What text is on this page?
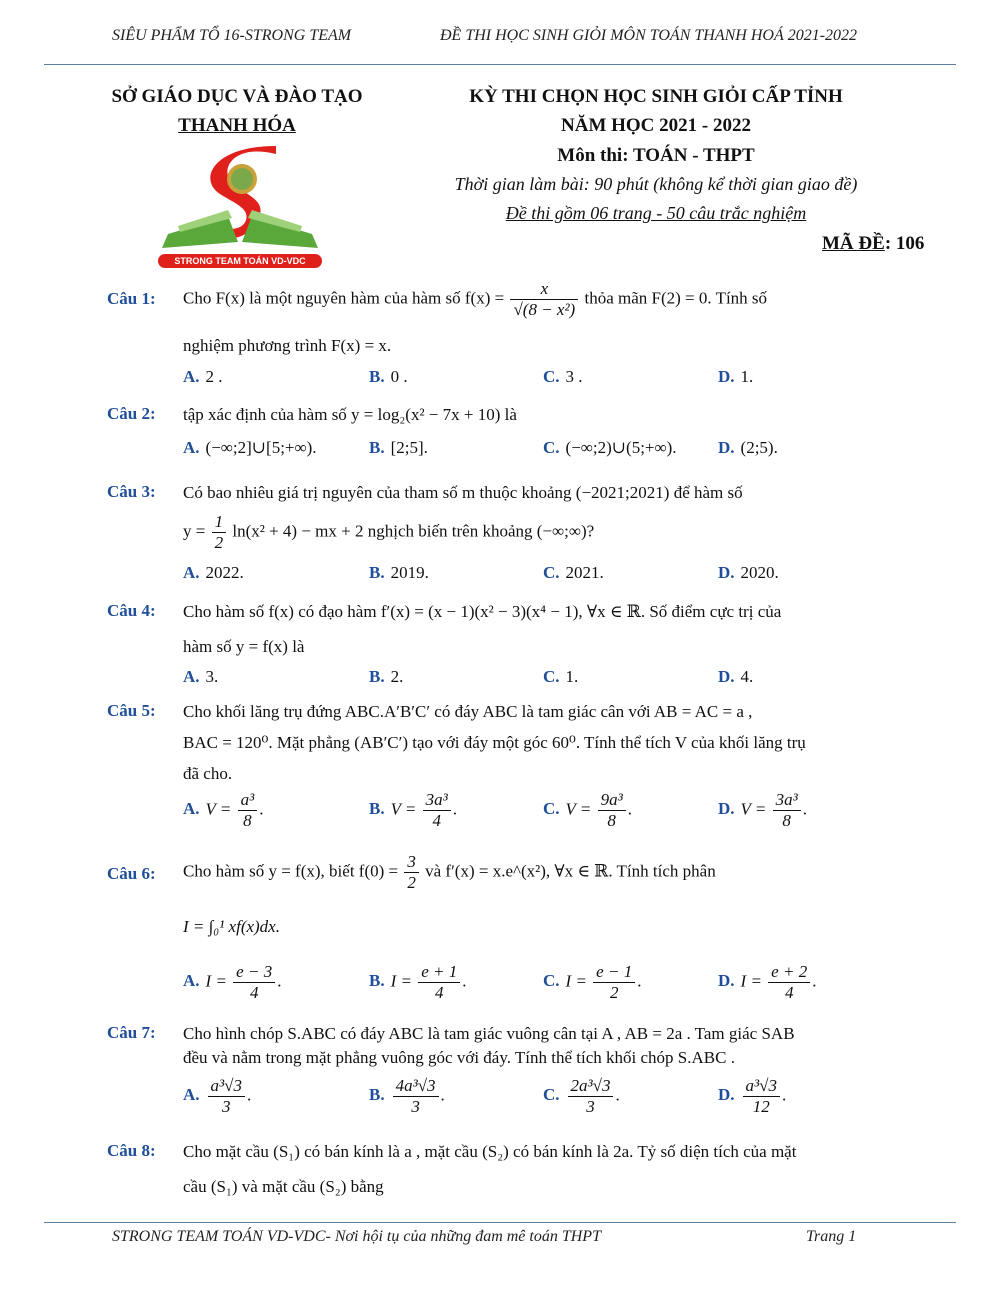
SIÊU PHẨM TỔ 16-STRONG TEAM	ĐỀ THI HỌC SINH GIỎI MÔN TOÁN THANH HOÁ 2021-2022
SỞ GIÁO DỤC VÀ ĐÀO TẠO
THANH HÓA
STRONG TEAM TOÁN VD-VDC
KỲ THI CHỌN HỌC SINH GIỎI CẤP TỈNH
NĂM HỌC 2021 - 2022
Môn thi: TOÁN - THPT
Thời gian làm bài: 90 phút (không kể thời gian giao đề)
Đề thi gồm 06 trang - 50 câu trắc nghiệm
MÃ ĐỀ: 106
Câu 1: Cho F(x) là một nguyên hàm của hàm số $f(x) = \frac{x}{\text{√(8 − x²)}}$ thỏa mãn F(2) = 0. Tính số
nghiệm phương trình F(x) = x.
A. 2 .	B. 0 .	C. 3 .	D. 1.
Câu 2: tập xác định của hàm số y = log₂(x² − 7x + 10) là
A. (−∞;2]∪[5;+∞).	B. [2;5].	C. (−∞;2)∪(5;+∞). D. (2;5).
Câu 3: Có bao nhiêu giá trị nguyên của tham số m thuộc khoảng (−2021;2021) để hàm số
$y = \frac{1}{2} \ln(x^2 + 4)$ − mx + 2 nghịch biến trên khoảng (−∞;∞)?
A. 2022.	B. 2019.	C. 2021.	D. 2020.
Câu 4: Cho hàm số f(x) có đạo hàm f′(x) = (x − 1)(x² − 3)(x⁴ − 1), ∀x ∈ ℝ. Số điểm cực trị của
hàm số y = f(x) là
A. 3.	B. 2.	C. 1.	D. 4.
Câu 5: Cho khối lăng trụ đứng ABC.A′B′C′ có đáy ABC là tam giác cân với AB = AC = a ,
BAC = 120⁰. Mặt phẳng (AB′C′) tạo với đáy một góc 60⁰. Tính thể tích V của khối lăng trụ
đã cho.
A. $V = \frac{\text{a³}}{8}$ .	B. $V = \frac{\text{3a³}}{4}$ .	C. $V = \frac{\text{9a³}}{8}$ .	D. $V = \frac{\text{3a³}}{8}$ .
Câu 6: Cho hàm số y = f(x), biết $f(0) = \frac{3}{2}$ và f′(x) = x.e^(x²), ∀x ∈ ℝ. Tính tích phân
I = ∫₀¹ xf(x)dx.
A. $I = \frac{e - 3}{4}$ .	B. $I = \frac{e + 1}{4}$ .	C. $I = \frac{e - 1}{2}$ .	D. $I = \frac{e + 2}{4}$ .
Câu 7: Cho hình chóp S.ABC có đáy ABC là tam giác vuông cân tại A , AB = 2a . Tam giác SAB
đều và nằm trong mặt phẳng vuông góc với đáy. Tính thể tích khối chóp S.ABC .
A. $\frac{\text{a³√3}}{3}$ .	B. $\frac{\text{4a³√3}}{3}$ .	C. $\frac{\text{2a³√3}}{3}$ .	D. $\frac{\text{a³√3}}{12}$ .
Câu 8: Cho mặt cầu (S₁) có bán kính là a , mặt cầu (S₂) có bán kính là 2a. Tỷ số diện tích của mặt
cầu (S₁) và mặt cầu (S₂) bằng
STRONG TEAM TOÁN VD-VDC- Nơi hội tụ của những đam mê toán THPT	Trang 1
